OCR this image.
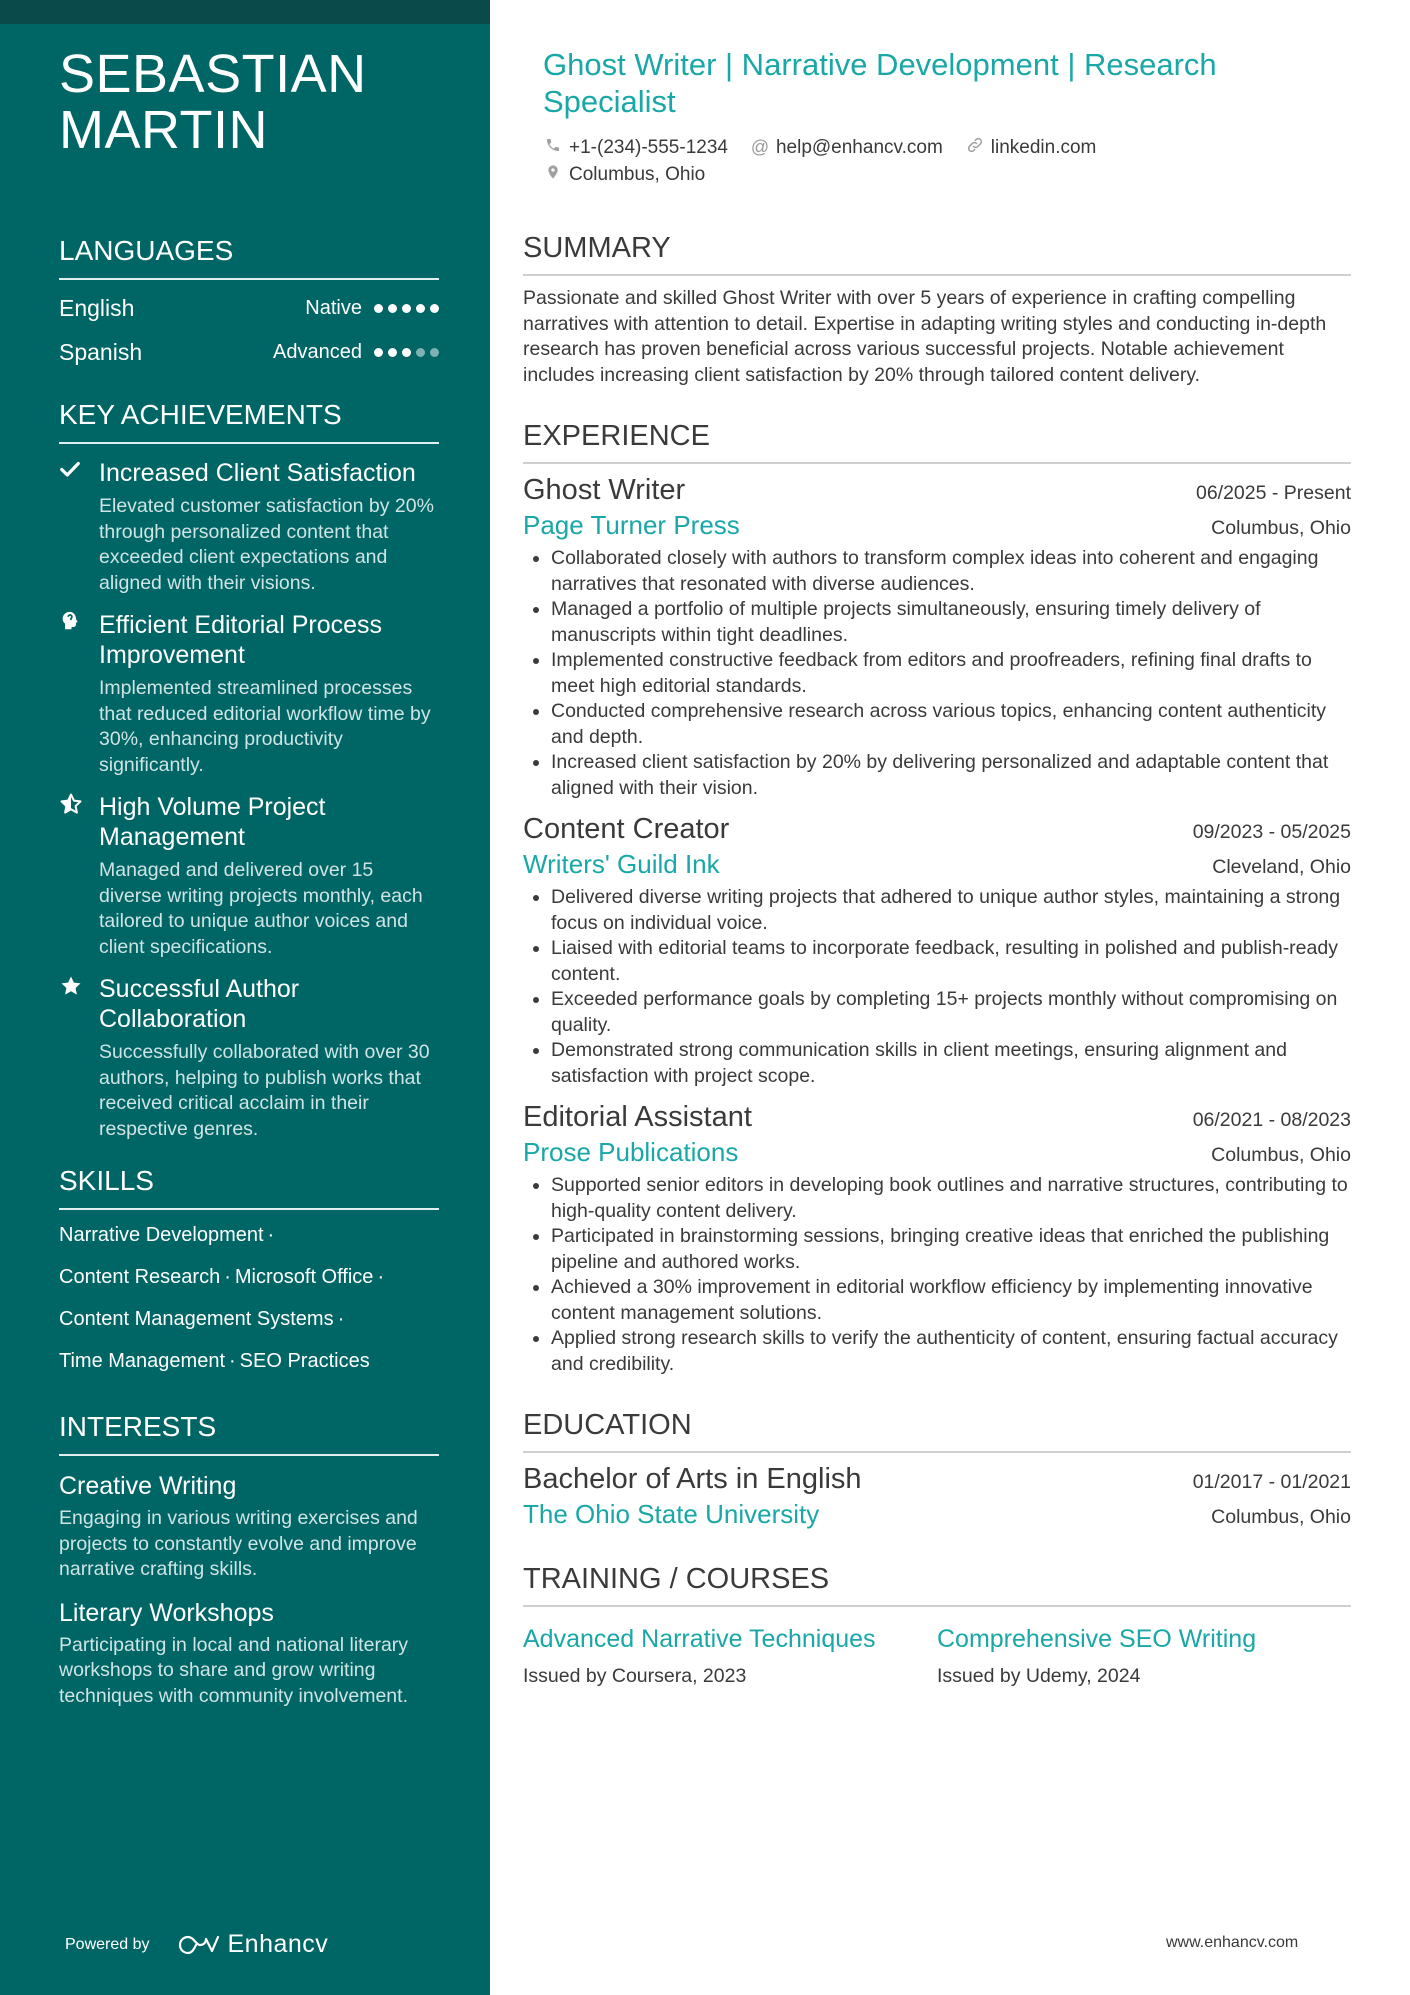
SEBASTIAN
MARTIN
LANGUAGES
English	Native
Spanish	Advanced
KEY ACHIEVEMENTS
Increased Client Satisfaction
Elevated customer satisfaction by 20% through personalized content that exceeded client expectations and aligned with their visions.
Efficient Editorial Process Improvement
Implemented streamlined processes that reduced editorial workflow time by 30%, enhancing productivity significantly.
High Volume Project Management
Managed and delivered over 15 diverse writing projects monthly, each tailored to unique author voices and client specifications.
Successful Author Collaboration
Successfully collaborated with over 30 authors, helping to publish works that received critical acclaim in their respective genres.
SKILLS
Narrative Development ·
Content Research · Microsoft Office ·
Content Management Systems ·
Time Management · SEO Practices
INTERESTS
Creative Writing
Engaging in various writing exercises and projects to constantly evolve and improve narrative crafting skills.
Literary Workshops
Participating in local and national literary workshops to share and grow writing techniques with community involvement.
Powered by	Enhancv
Ghost Writer | Narrative Development | Research Specialist
+1-(234)-555-1234 @ help@enhancv.com	linkedin.com
Columbus, Ohio
SUMMARY
Passionate and skilled Ghost Writer with over 5 years of experience in crafting compelling narratives with attention to detail. Expertise in adapting writing styles and conducting in-depth research has proven beneficial across various successful projects. Notable achievement includes increasing client satisfaction by 20% through tailored content delivery.
EXPERIENCE
Ghost Writer	06/2025 - Present
Page Turner Press	Columbus, Ohio
• Collaborated closely with authors to transform complex ideas into coherent and engaging narratives that resonated with diverse audiences.
• Managed a portfolio of multiple projects simultaneously, ensuring timely delivery of manuscripts within tight deadlines.
• Implemented constructive feedback from editors and proofreaders, refining final drafts to meet high editorial standards.
• Conducted comprehensive research across various topics, enhancing content authenticity and depth.
• Increased client satisfaction by 20% by delivering personalized and adaptable content that aligned with their vision.
Content Creator	09/2023 - 05/2025
Writers' Guild Ink	Cleveland, Ohio
• Delivered diverse writing projects that adhered to unique author styles, maintaining a strong focus on individual voice.
• Liaised with editorial teams to incorporate feedback, resulting in polished and publish-ready content.
• Exceeded performance goals by completing 15+ projects monthly without compromising on quality.
• Demonstrated strong communication skills in client meetings, ensuring alignment and satisfaction with project scope.
Editorial Assistant	06/2021 - 08/2023
Prose Publications	Columbus, Ohio
• Supported senior editors in developing book outlines and narrative structures, contributing to high-quality content delivery.
• Participated in brainstorming sessions, bringing creative ideas that enriched the publishing pipeline and authored works.
• Achieved a 30% improvement in editorial workflow efficiency by implementing innovative content management solutions.
• Applied strong research skills to verify the authenticity of content, ensuring factual accuracy and credibility.
EDUCATION
Bachelor of Arts in English	01/2017 - 01/2021
The Ohio State University	Columbus, Ohio
TRAINING / COURSES
Advanced Narrative Techniques
Issued by Coursera, 2023
Comprehensive SEO Writing
Issued by Udemy, 2024
www.enhancv.com
